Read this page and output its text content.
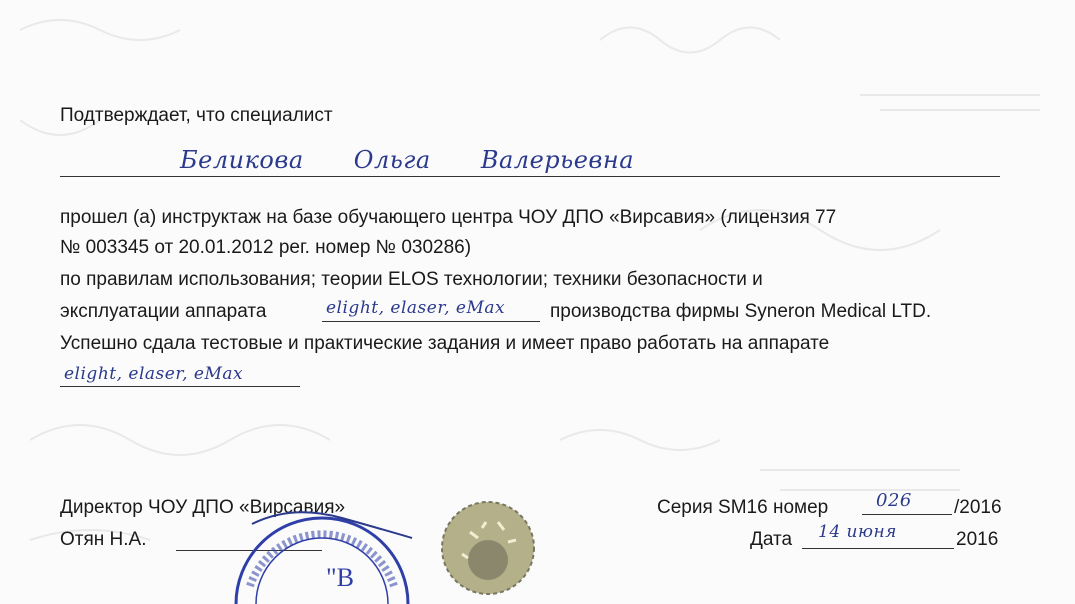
Подтверждает, что специалист
Беликова Ольга Валерьевна
прошел (а) инструктаж на базе обучающего центра ЧОУ ДПО «Вирсавия» (лицензия 77
№ 003345 от 20.01.2012 рег. номер № 030286)
по правилам использования; теории ELOS технологии; техники безопасности и
эксплуатации аппарата	elight, elaser, eMax производства фирмы Syneron Medical LTD.
Успешно сдала тестовые и практические задания и имеет право работать на аппарате
elight, elaser, eMax
Директор ЧОУ ДПО «Вирсавия»
Отян Н.А.
"В
Серия SM16 номер	026 /2016
Дата 14 июня	2016
